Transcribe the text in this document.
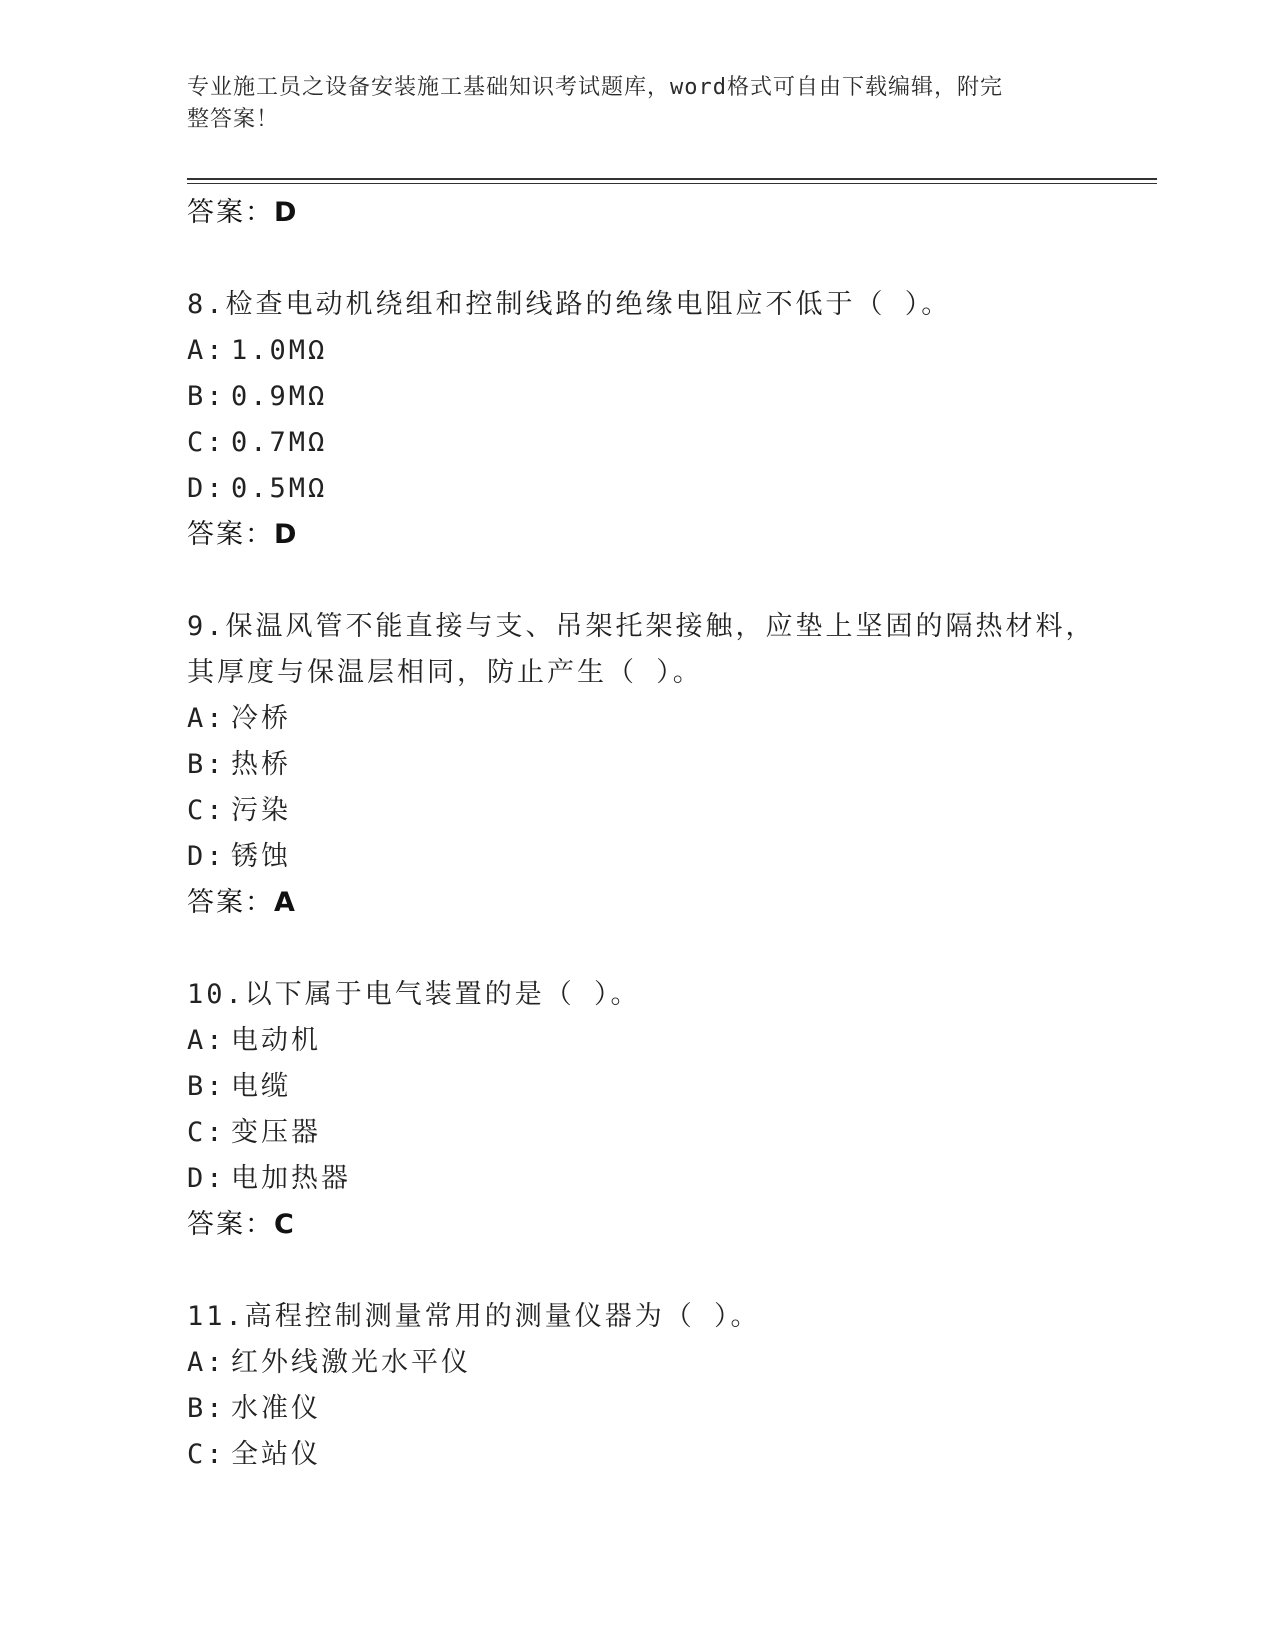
专业施工员之设备安装施工基础知识考试题库，word格式可自由下载编辑，附完
整答案！
答案：D
8.检查电动机绕组和控制线路的绝缘电阻应不低于（ ）。
A: 1.0MΩ
B: 0.9MΩ
C: 0.7MΩ
D: 0.5MΩ
答案：D
9.保温风管不能直接与支、吊架托架接触，应垫上坚固的隔热材料，
其厚度与保温层相同，防止产生（ ）。
A: 冷桥
B: 热桥
C: 污染
D: 锈蚀
答案：A
10.以下属于电气装置的是（ ）。
A: 电动机
B: 电缆
C: 变压器
D: 电加热器
答案：C
11.高程控制测量常用的测量仪器为（ ）。
A: 红外线激光水平仪
B: 水准仪
C: 全站仪
